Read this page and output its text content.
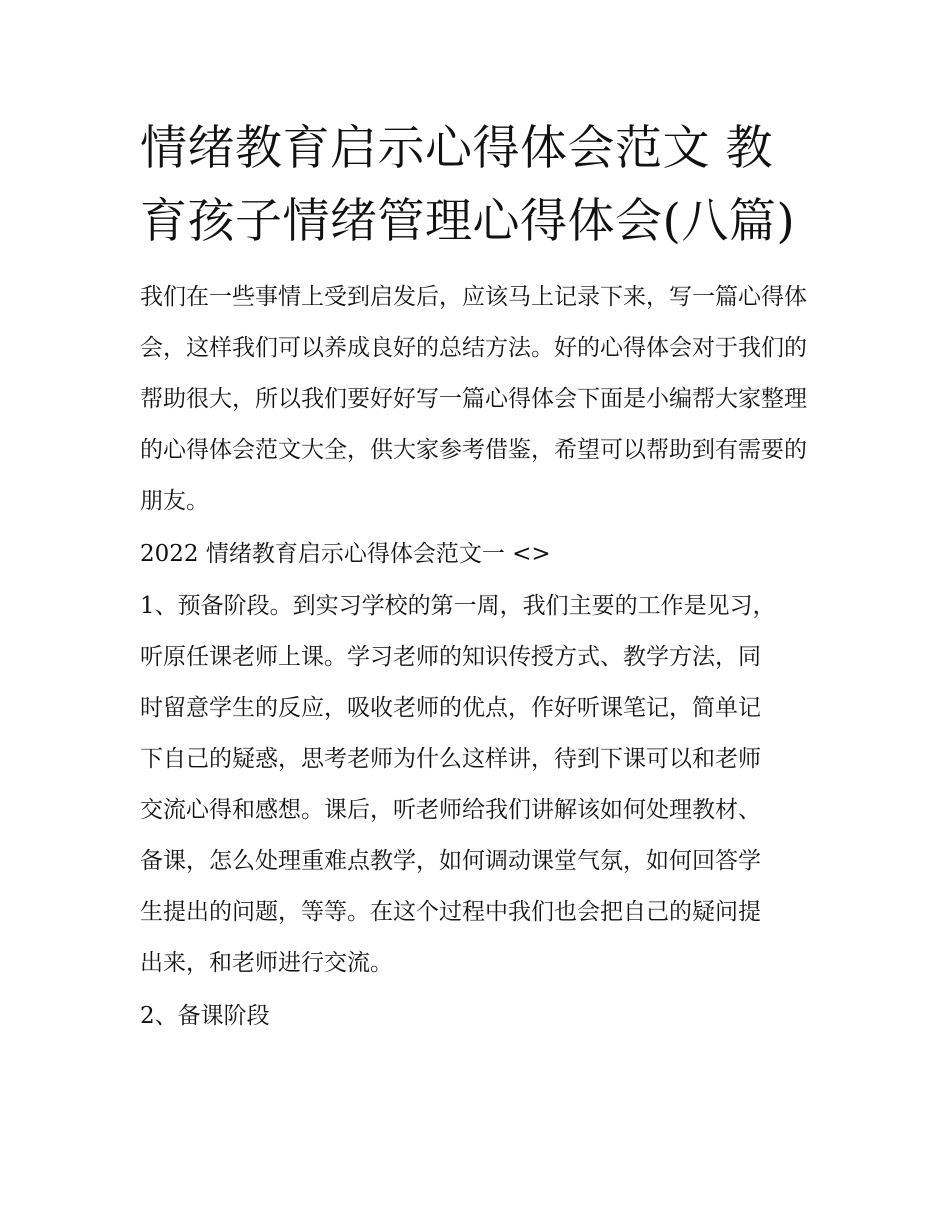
情绪教育启示心得体会范文 教育孩子情绪管理心得体会(八篇)

我们在一些事情上受到启发后，应该马上记录下来，写一篇心得体会，这样我们可以养成良好的总结方法。好的心得体会对于我们的帮助很大，所以我们要好好写一篇心得体会下面是小编帮大家整理的心得体会范文大全，供大家参考借鉴，希望可以帮助到有需要的朋友。

2022 情绪教育启示心得体会范文一 <>

1、预备阶段。到实习学校的第一周，我们主要的工作是见习，听原任课老师上课。学习老师的知识传授方式、教学方法，同时留意学生的反应，吸收老师的优点，作好听课笔记，简单记下自己的疑惑，思考老师为什么这样讲，待到下课可以和老师交流心得和感想。课后，听老师给我们讲解该如何处理教材、备课，怎么处理重难点教学，如何调动课堂气氛，如何回答学生提出的问题，等等。在这个过程中我们也会把自己的疑问提出来，和老师进行交流。

2、备课阶段
